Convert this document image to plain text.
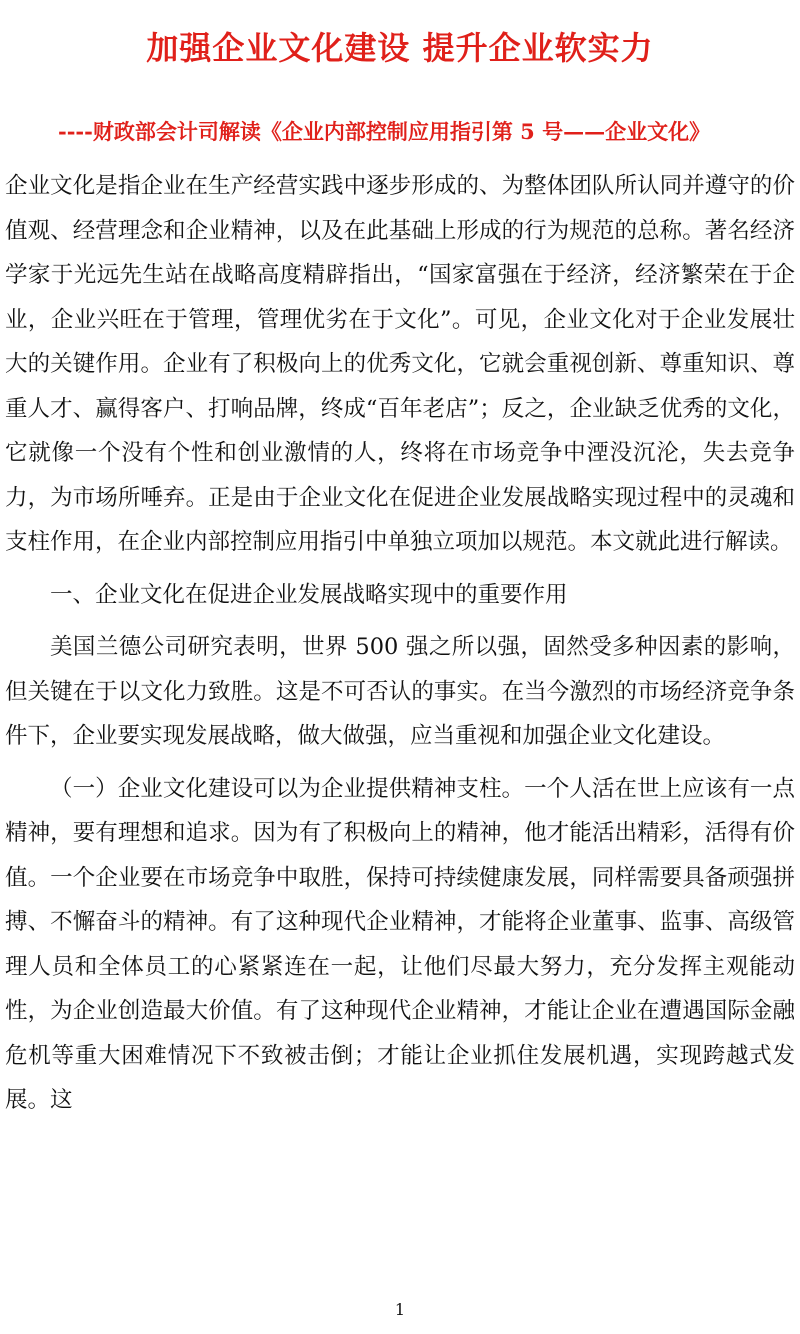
加强企业文化建设 提升企业软实力
----财政部会计司解读《企业内部控制应用指引第 5 号——企业文化》

企业文化是指企业在生产经营实践中逐步形成的、为整体团队所认同并遵守的价值观、经营理念和企业精神，以及在此基础上形成的行为规范的总称。著名经济学家于光远先生站在战略高度精辟指出，“国家富强在于经济，经济繁荣在于企业，企业兴旺在于管理，管理优劣在于文化”。可见，企业文化对于企业发展壮大的关键作用。企业有了积极向上的优秀文化，它就会重视创新、尊重知识、尊重人才、赢得客户、打响品牌，终成“百年老店”；反之，企业缺乏优秀的文化，它就像一个没有个性和创业激情的人，终将在市场竞争中湮没沉沦，失去竞争力，为市场所唾弃。正是由于企业文化在促进企业发展战略实现过程中的灵魂和支柱作用，在企业内部控制应用指引中单独立项加以规范。本文就此进行解读。

一、企业文化在促进企业发展战略实现中的重要作用

美国兰德公司研究表明，世界 500 强之所以强，固然受多种因素的影响，但关键在于以文化力致胜。这是不可否认的事实。在当今激烈的市场经济竞争条件下，企业要实现发展战略，做大做强，应当重视和加强企业文化建设。

（一）企业文化建设可以为企业提供精神支柱。一个人活在世上应该有一点精神，要有理想和追求。因为有了积极向上的精神，他才能活出精彩，活得有价值。一个企业要在市场竞争中取胜，保持可持续健康发展，同样需要具备顽强拼搏、不懈奋斗的精神。有了这种现代企业精神，才能将企业董事、监事、高级管理人员和全体员工的心紧紧连在一起，让他们尽最大努力，充分发挥主观能动性，为企业创造最大价值。有了这种现代企业精神，才能让企业在遭遇国际金融危机等重大困难情况下不致被击倒；才能让企业抓住发展机遇，实现跨越式发展。这

1
